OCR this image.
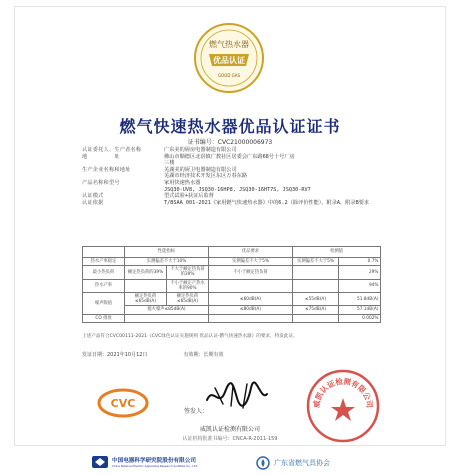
燃气热水器
优品认证
GOOD GAS
燃气快速热水器优品认证证书
证书编号：CVC21000006973
认证委托人、生产者名称	广东美的厨房电器制造有限公司
地　　　　　址	佛山市顺德区北滘镇广教社区居委会广东路68号十号厂房
三楼
生产企业名称和地址	芜湖美的厨卫电器制造有限公司
芜湖市经济技术开发区东区万春东路
产品名称和型号	家用快速热水器
JSQ30-UV8, JSQ30-16HP8, JSQ30-16HT7S, JSQ30-RV7
认证模式	型式试验+获证后监督
认证依据	T/BSAA 001-2021《家用燃气快速热水器》中的6.2（除评价性能），附录A，附录B要求
	性能指标		优品要求	检测值	
热水产率稳定	实测偏差不大于10%		实测偏差不大于5%	实测偏差不大于5%	0.7%
最小热负荷	额定热负荷的39%	不大于额定热负荷的39%	不小于额定热负荷		29%
热水产率		不小于额定产热水率的90%			94%
噪声限值	额定热负荷≤65dB(A)	额定热负荷≤65dB(A)	≤60dB(A)	≤55dB(A)	51.8dB(A)
	熄火噪声≤85dB(A)		≤80dB(A)	≤75dB(A)	57.1dB(A)
CO 排放					0.002%
上述产品符合CVC00111-2021《CVC绿色认证实施规则 优品认证-燃气快速热水器》的要求，特发此证。
发证日期：2021年10月12日	有效期：长期有效
CVC
签发人：
威凯认证检测有限公司
威凯认证检测有限公司
认证机构批准书编号：CNCA-R-2011-159
中国电器科学研究院股份有限公司
China National Electric Apparatus Research Institute Co., Ltd.	广东省燃气具协会
